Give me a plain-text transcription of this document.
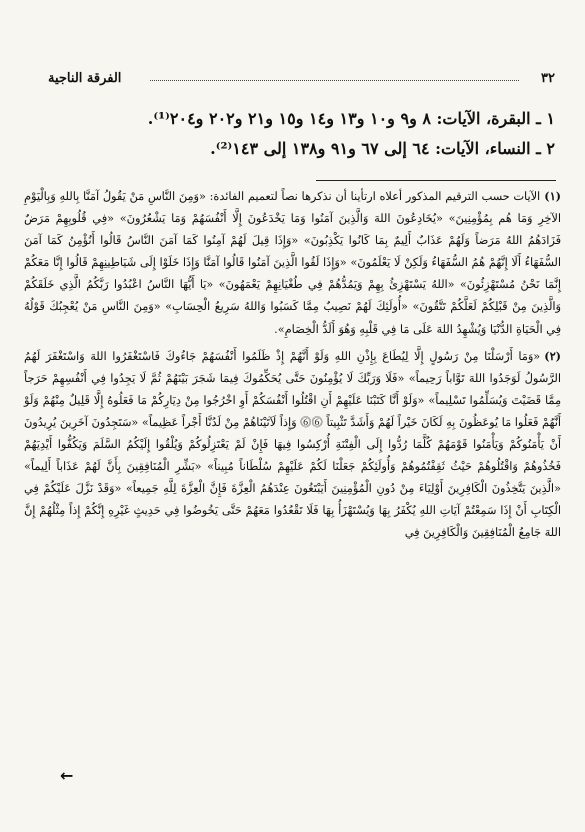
٣٢
الفرقة الناجية
١ ـ البقرة، الآيات: ٨ و٩ و١٠ و١٣ و١٤ و١٥ و٢١ و٢٠٢ و٢٠٤⁽¹⁾.
٢ ـ النساء، الآيات: ٦٤ إلى ٦٧ و٩١ و١٣٨ إلى ١٤٣⁽²⁾.

(١)الآيات حسب الترقيم المذكور أعلاه ارتأينا أن نذكرها نصاً لتعميم الفائدة: «وَمِنَ النَّاسِ مَنْ يَقُولُ آمَنَّا بِاللهِ وَبِالْيَوْمِ الآخِرِ وَمَا هُم بِمُؤْمِنِينَ» «يُخَادِعُونَ اللهَ وَالَّذِينَ آمَنُوا وَمَا يَخْدَعُونَ إِلَّا أَنْفُسَهُمْ وَمَا يَشْعُرُونَ» «فِي قُلُوبِهِمْ مَرَضٌ فَزَادَهُمُ اللهُ مَرَضاً وَلَهُمْ عَذَابٌ أَلِيمٌ بِمَا كَانُوا يَكْذِبُونَ» «وَإِذَا قِيلَ لَهُمْ آمِنُوا كَمَا آمَنَ النَّاسُ قَالُوا أَنُؤْمِنُ كَمَا آمَنَ السُّفَهَاءُ أَلَا إِنَّهُمْ هُمُ السُّفَهَاءُ وَلَكِنْ لَا يَعْلَمُونَ» «وَإِذَا لَقُوا الَّذِينَ آمَنُوا قَالُوا آمَنَّا وَإِذَا خَلَوْا إِلَى شَيَاطِينِهِمْ قَالُوا إِنَّا مَعَكُمْ إِنَّمَا نَحْنُ مُسْتَهْزِئُونَ» «اللهُ يَسْتَهْزِئُ بِهِمْ وَيَمُدُّهُمْ فِي طُغْيَانِهِمْ يَعْمَهُونَ» «يَا أَيُّهَا النَّاسُ اعْبُدُوا رَبَّكُمُ الَّذِي خَلَقَكُمْ وَالَّذِينَ مِنْ قَبْلِكُمْ لَعَلَّكُمْ تَتَّقُونَ» «أُولَئِكَ لَهُمْ نَصِيبٌ مِمَّا كَسَبُوا وَاللهُ سَرِيعُ الْحِسَابِ» «وَمِنَ النَّاسِ مَنْ يُعْجِبُكَ قَوْلُهُ فِي الْحَيَاةِ الدُّنْيَا وَيُشْهِدُ اللهَ عَلَى مَا فِي قَلْبِهِ وَهُوَ أَلَدُّ الْخِصَامِ».

(٢)«وَمَا أَرْسَلْنَا مِنْ رَسُولٍ إِلَّا لِيُطَاعَ بِإِذْنِ اللهِ وَلَوْ أَنَّهُمْ إِذْ ظَلَمُوا أَنْفُسَهُمْ جَاءُوكَ فَاسْتَغْفَرُوا اللهَ وَاسْتَغْفَرَ لَهُمُ الرَّسُولُ لَوَجَدُوا اللهَ تَوَّاباً رَحِيماً» «فَلَا وَرَبِّكَ لَا يُؤْمِنُونَ حَتَّى يُحَكِّمُوكَ فِيمَا شَجَرَ بَيْنَهُمْ ثُمَّ لَا يَجِدُوا فِي أَنْفُسِهِمْ حَرَجاً مِمَّا قَضَيْتَ وَيُسَلِّمُوا تَسْلِيماً» «وَلَوْ أَنَّا كَتَبْنَا عَلَيْهِمْ أَنِ اقْتُلُوا أَنْفُسَكُمْ أَوِ اخْرُجُوا مِنْ دِيَارِكُمْ مَا فَعَلُوهُ إِلَّا قَلِيلٌ مِنْهُمْ وَلَوْ أَنَّهُمْ فَعَلُوا مَا يُوعَظُونَ بِهِ لَكَانَ خَيْراً لَهُمْ وَأَشَدَّ تَثْبِيتاً ⓺⓺ وَإِذاً لَآتَيْنَاهُمْ مِنْ لَدُنَّا أَجْراً عَظِيماً» «سَتَجِدُونَ آخَرِينَ يُرِيدُونَ أَنْ يَأْمَنُوكُمْ وَيَأْمَنُوا قَوْمَهُمْ كُلَّمَا رُدُّوا إِلَى الْفِتْنَةِ أُرْكِسُوا فِيهَا فَإِنْ لَمْ يَعْتَزِلُوكُمْ وَيُلْقُوا إِلَيْكُمُ السَّلَمَ وَيَكُفُّوا أَيْدِيَهُمْ فَخُذُوهُمْ وَاقْتُلُوهُمْ حَيْثُ ثَقِفْتُمُوهُمْ وَأُولَئِكُمْ جَعَلْنَا لَكُمْ عَلَيْهِمْ سُلْطَاناً مُبِيناً» «بَشِّرِ الْمُنَافِقِينَ بِأَنَّ لَهُمْ عَذَاباً أَلِيماً» «الَّذِينَ يَتَّخِذُونَ الْكَافِرِينَ أَوْلِيَاءَ مِنْ دُونِ الْمُؤْمِنِينَ أَيَبْتَغُونَ عِنْدَهُمُ الْعِزَّةَ فَإِنَّ الْعِزَّةَ لِلَّهِ جَمِيعاً» «وَقَدْ نَزَّلَ عَلَيْكُمْ فِي الْكِتَابِ أَنْ إِذَا سَمِعْتُمْ آيَاتِ اللهِ يُكْفَرُ بِهَا وَيُسْتَهْزَأُ بِهَا فَلَا تَقْعُدُوا مَعَهُمْ حَتَّى يَخُوضُوا فِي حَدِيثٍ غَيْرِهِ إِنَّكُمْ إِذاً مِثْلُهُمْ إِنَّ اللهَ جَامِعُ الْمُنَافِقِينَ وَالْكَافِرِينَ فِي

←
